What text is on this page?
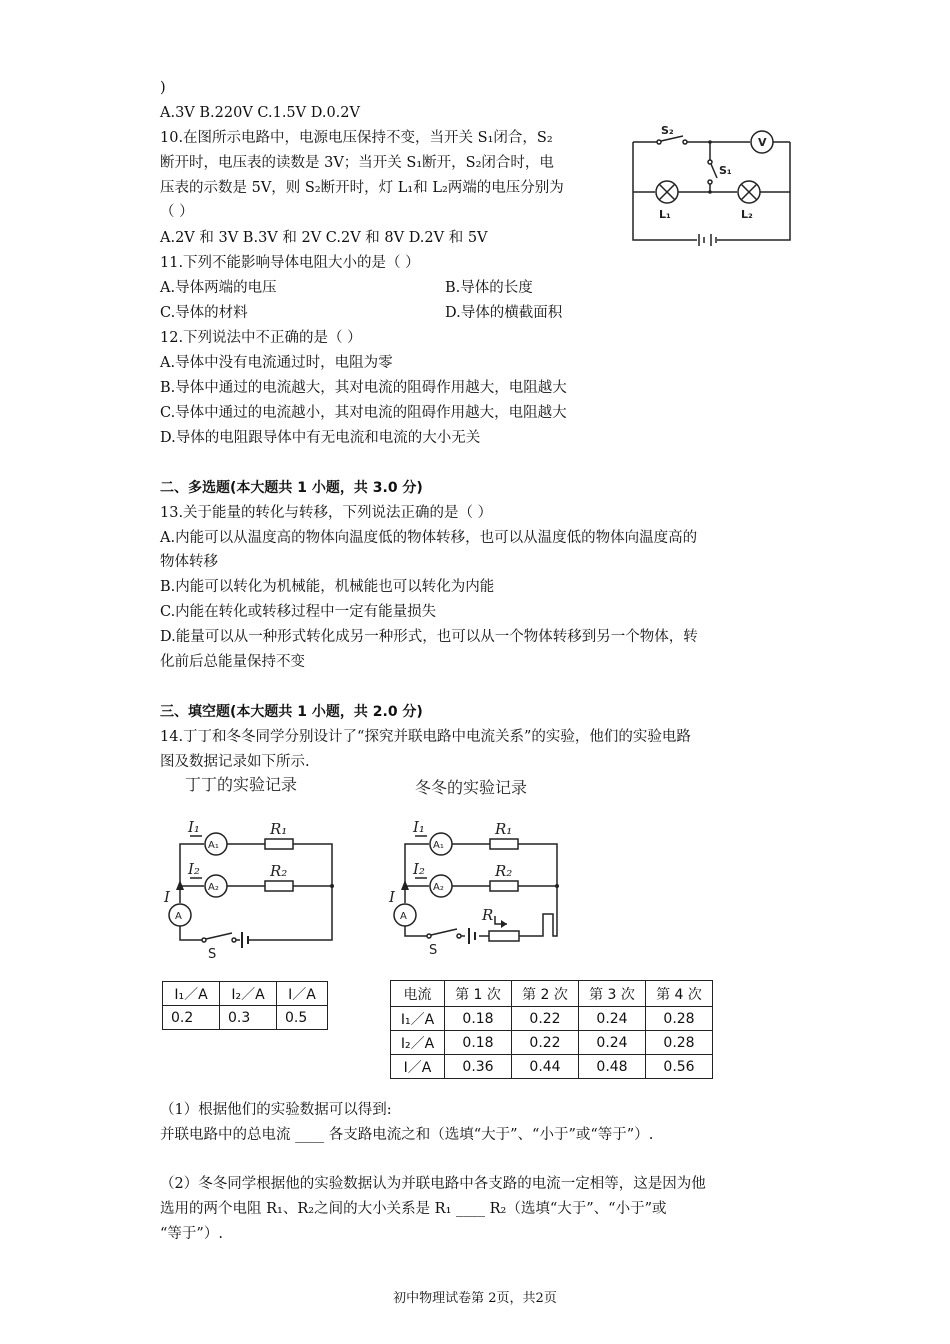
)
A.3V B.220V C.1.5V D.0.2V
10.在图所示电路中，电源电压保持不变，当开关 S₁闭合，S₂
断开时，电压表的读数是 3V；当开关 S₁断开，S₂闭合时，电
压表的示数是 5V，则 S₂断开时，灯 L₁和 L₂两端的电压分别为
（ ）
A.2V 和 3V B.3V 和 2V C.2V 和 8V D.2V 和 5V
S₂
V
S₁
L₁	L₂
11.下列不能影响导体电阻大小的是（ ）
A.导体两端的电压	B.导体的长度
C.导体的材料	D.导体的横截面积
12.下列说法中不正确的是（ ）
A.导体中没有电流通过时，电阻为零
B.导体中通过的电流越大，其对电流的阻碍作用越大，电阻越大
C.导体中通过的电流越小，其对电流的阻碍作用越大，电阻越大
D.导体的电阻跟导体中有无电流和电流的大小无关
二、多选题(本大题共 1 小题，共 3.0 分)
13.关于能量的转化与转移，下列说法正确的是（ ）
A.内能可以从温度高的物体向温度低的物体转移，也可以从温度低的物体向温度高的
物体转移
B.内能可以转化为机械能，机械能也可以转化为内能
C.内能在转化或转移过程中一定有能量损失
D.能量可以从一种形式转化成另一种形式，也可以从一个物体转移到另一个物体，转
化前后总能量保持不变
三、填空题(本大题共 1 小题，共 2.0 分)
14.丁丁和冬冬同学分别设计了“探究并联电路中电流关系”的实验，他们的实验电路
图及数据记录如下所示.
丁丁的实验记录	冬冬的实验记录
I₁
I₂
I
R₁
R₂
S
A₁
A₂
A
I₁
I₂
I
R₁
R₂
R
S
A₁
A₂
A
I₁／A	I₂／A	I／A
0.2	0.3	0.5
电流	第 1 次	第 2 次	第 3 次	第 4 次
I₁／A	0.18	0.22	0.24	0.28
I₂／A	0.18	0.22	0.24	0.28
I／A	0.36	0.44	0.48	0.56
（1）根据他们的实验数据可以得到:
并联电路中的总电流 ____ 各支路电流之和（选填“大于”、“小于”或“等于”）.
（2）冬冬同学根据他的实验数据认为并联电路中各支路的电流一定相等，这是因为他
选用的两个电阻 R₁、R₂之间的大小关系是 R₁ ____ R₂（选填“大于”、“小于”或
“等于”）.
初中物理试卷第 2页，共2页
